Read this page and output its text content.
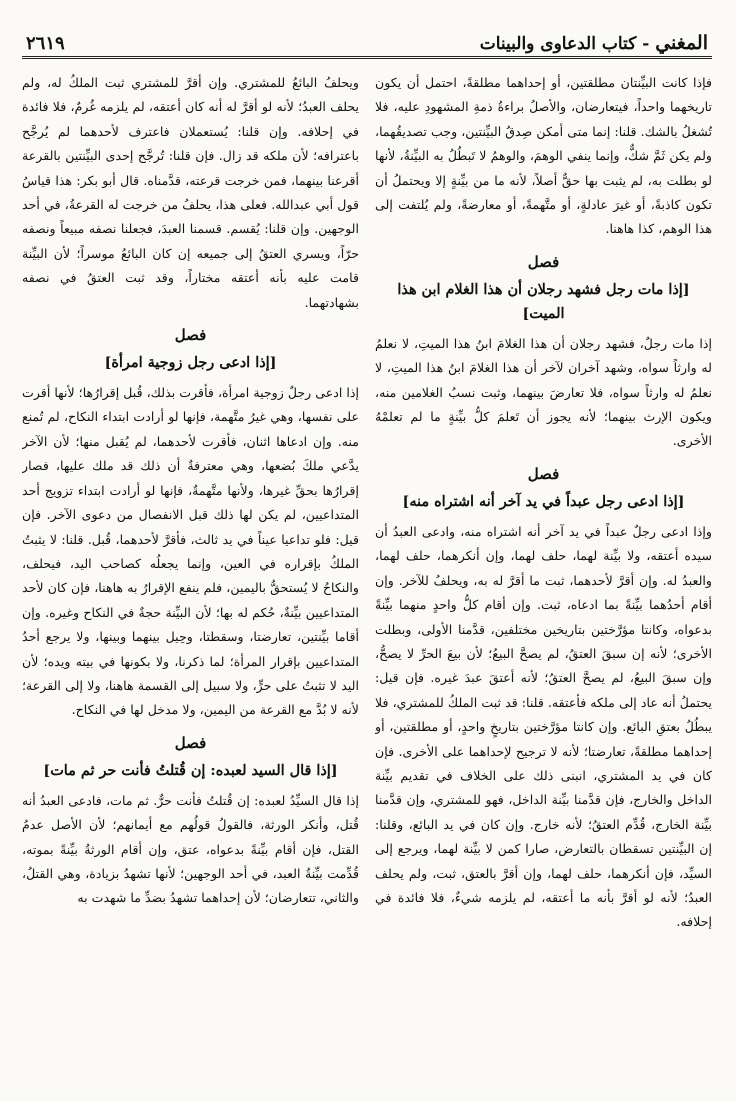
٢٦١٩	المغني - كتاب الدعاوى والبينات

فإذا كانت البيِّنتان مطلقتين، أو إحداهما مطلقةً، احتمل أن يكون تاريخهما واحداً، فيتعارضان، والأصلُ براءةُ ذمةِ المشهودِ عليه، فلا تُشغلُ بالشك. قلنا: إنما متى أمكن صِدقُ البيِّنتين، وجب تصديقُهما، ولم يكن ثَمَّ شكٌّ، وإنما ينفي الوهمَ، والوهمُ لا تَبطُلُ به البيِّنةُ، لأنها لو بطلت به، لم يثبت بها حقٌّ أصلاً، لأنه ما من بيِّنةٍ إلا ويحتملُ أن تكون كاذبةً، أو غيرَ عادلةٍ، أو متَّهمةً، أو معارضةً، ولم يُلتفت إلى هذا الوهم، كذا هاهنا.

فصل
[إذا مات رجل فشهد رجلان أن هذا الغلام ابن هذا الميت]

إذا مات رجلٌ، فشهد رجلان أن هذا الغلامَ ابنُ هذا الميتِ، لا نعلمُ له وارثاً سواه، وشهد آخران لآخر أن هذا الغلامَ ابنُ هذا الميتِ، لا نعلمُ له وارثاً سواه، فلا تعارضَ بينهما، وثبت نسبُ الغلامين منه، ويكون الإرث بينهما؛ لأنه يجوز أن تَعلمَ كلُّ بيِّنةٍ ما لم تعلمْهُ الأخرى.

فصل
[إذا ادعى رجل عبداً في يد آخر أنه اشتراه منه]

وإذا ادعى رجلٌ عبداً في يد آخر أنه اشتراه منه، وادعى العبدُ أن سيده أعتقه، ولا بيِّنة لهما، حلف لهما، وإن أنكرهما، حلف لهما، والعبدُ له. وإن أقرَّ لأحدهما، ثبت ما أقرَّ له به، ويحلفُ للآخر. وإن أقام أحدُهما بيِّنةً بما ادعاه، ثبت. وإن أقام كلُّ واحدٍ منهما بيِّنةً بدعواه، وكانتا مؤرَّختين بتاريخين مختلفين، قدَّمنا الأولى، وبطلت الأخرى؛ لأنه إن سبقَ العتقُ، لم يصحَّ البيعُ؛ لأن بيعَ الحرِّ لا يصحُّ، وإن سبقَ البيعُ، لم يصحَّ العتقُ؛ لأنه أعتقَ عبدَ غيره. فإن قيل: يحتملُ أنه عاد إلى ملكه فأعتقه. قلنا: قد ثبت الملكُ للمشتري، فلا يبطُلُ بعتقِ البائع. وإن كانتا مؤرَّختين بتاريخٍ واحدٍ، أو مطلقتين، أو إحداهما مطلقةً، تعارضتا؛ لأنه لا ترجيح لإحداهما على الأخرى. فإن كان في يد المشتري، انبنى ذلك على الخلاف في تقديم بيِّنة الداخل والخارج، فإن قدَّمنا بيِّنة الداخل، فهو للمشتري، وإن قدَّمنا بيِّنة الخارج، قُدِّم العتقُ؛ لأنه خارج. وإن كان في يد البائع، وقلنا: إن البيِّنتين تسقطان بالتعارض، صارا كمن لا بيِّنة لهما، ويرجع إلى السيِّد، فإن أنكرهما، حلف لهما، وإن أقرَّ بالعتق، ثبت، ولم يحلف العبدُ؛ لأنه لو أقرَّ بأنه ما أعتقه، لم يلزمه شيءٌ، فلا فائدة في إحلافه.

ويحلفُ البائعُ للمشتري. وإن أقرَّ للمشتري ثبت الملكُ له، ولم يحلف العبدُ؛ لأنه لو أقرَّ له أنه كان أعتقه، لم يلزمه غُرمٌ، فلا فائدة في إحلافه. وإن قلنا: يُستعملان فاعترف لأحدهما لم يُرجَّح باعترافه؛ لأن ملكه قد زال. فإن قلنا: تُرجَّح إحدى البيِّنتين بالقرعة أقرعنا بينهما، فمن خرجت قرعته، قدَّمناه. قال أبو بكر: هذا قياسُ قول أبي عبدالله. فعلى هذا، يحلفُ من خرجت له القرعةُ، في أحد الوجهين. وإن قلنا: يُقسم. قسمنا العبدَ، فجعلنا نصفه مبيعاً ونصفه حرّاً، ويسري العتقُ إلى جميعه إن كان البائعُ موسراً؛ لأن البيِّنة قامت عليه بأنه أعتقه مختاراً، وقد ثبت العتقُ في نصفه بشهادتهما.

فصل
[إذا ادعى رجل زوجية امرأة]

إذا ادعى رجلٌ زوجية امرأة، فأقرت بذلك، قُبل إقرارُها؛ لأنها أقرت على نفسها، وهي غيرُ متَّهمة، فإنها لو أرادت ابتداء النكاح، لم تُمنع منه. وإن ادعاها اثنان، فأقرت لأحدهما، لم يُقبل منها؛ لأن الآخر يدَّعي ملكَ بُضعها، وهي معترفةٌ أن ذلك قد ملك عليها، فصار إقرارُها بحقِّ غيرها، ولأنها متَّهمةٌ، فإنها لو أرادت ابتداء تزويج أحد المتداعيين، لم يكن لها ذلك قبل الانفصال من دعوى الآخر. فإن قيل: فلو تداعيا عيناً في يد ثالث، فأقرَّ لأحدهما، قُبل. قلنا: لا يثبتُ الملكُ بإقراره في العين، وإنما يجعلُه كصاحب اليد، فيحلف، والنكاحُ لا يُستحقُّ باليمين، فلم ينفع الإقرارُ به هاهنا، فإن كان لأحد المتداعيين بيِّنةٌ، حُكم له بها؛ لأن البيِّنة حجةٌ في النكاح وغيره. وإن أقاما بيِّنتين، تعارضتا، وسقطتا، وحِيل بينهما وبينها، ولا يرجع أحدُ المتداعيين بإقرار المرأة؛ لما ذكرنا، ولا بكونها في بيته ويده؛ لأن اليد لا تثبتُ على حرٍّ، ولا سبيل إلى القسمة هاهنا، ولا إلى القرعة؛ لأنه لا بُدَّ مع القرعة من اليمين، ولا مدخل لها في النكاح.

فصل
[إذا قال السيد لعبده: إن قُتلتُ فأنت حر ثم مات]

إذا قال السيِّدُ لعبده: إن قُتلتُ فأنت حرٌّ. ثم مات، فادعى العبدُ أنه قُتل، وأنكر الورثة، فالقولُ قولُهم مع أيمانهم؛ لأن الأصل عدمُ القتل، فإن أقام بيِّنةً بدعواه، عتق، وإن أقام الورثةُ بيِّنةً بموته، قُدِّمت بيِّنةُ العبد، في أحد الوجهين؛ لأنها تشهدُ بزيادة، وهي القتلُ، والثاني، تتعارضان؛ لأن إحداهما تشهدُ بضدِّ ما شهدت به
